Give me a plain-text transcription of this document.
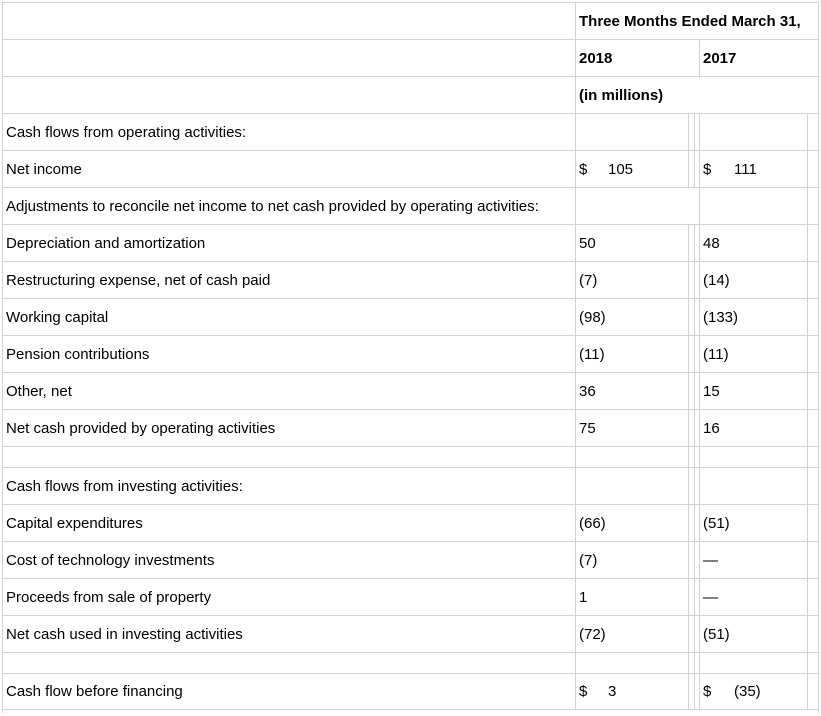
Three Months Ended March 31,
2018	2017
(in millions)
Cash flows from operating activities:
Net income	$ 105	$ 111
Adjustments to reconcile net income to net cash provided by operating activities:
Depreciation and amortization	50	48
Restructuring expense, net of cash paid	(7)	(14)
Working capital	(98)	(133)
Pension contributions	(11)	(11)
Other, net	36	15
Net cash provided by operating activities	75	16
Cash flows from investing activities:
Capital expenditures	(66)	(51)
Cost of technology investments	(7)	—
Proceeds from sale of property	1	—
Net cash used in investing activities	(72)	(51)
Cash flow before financing	$ 3	$ (35)
